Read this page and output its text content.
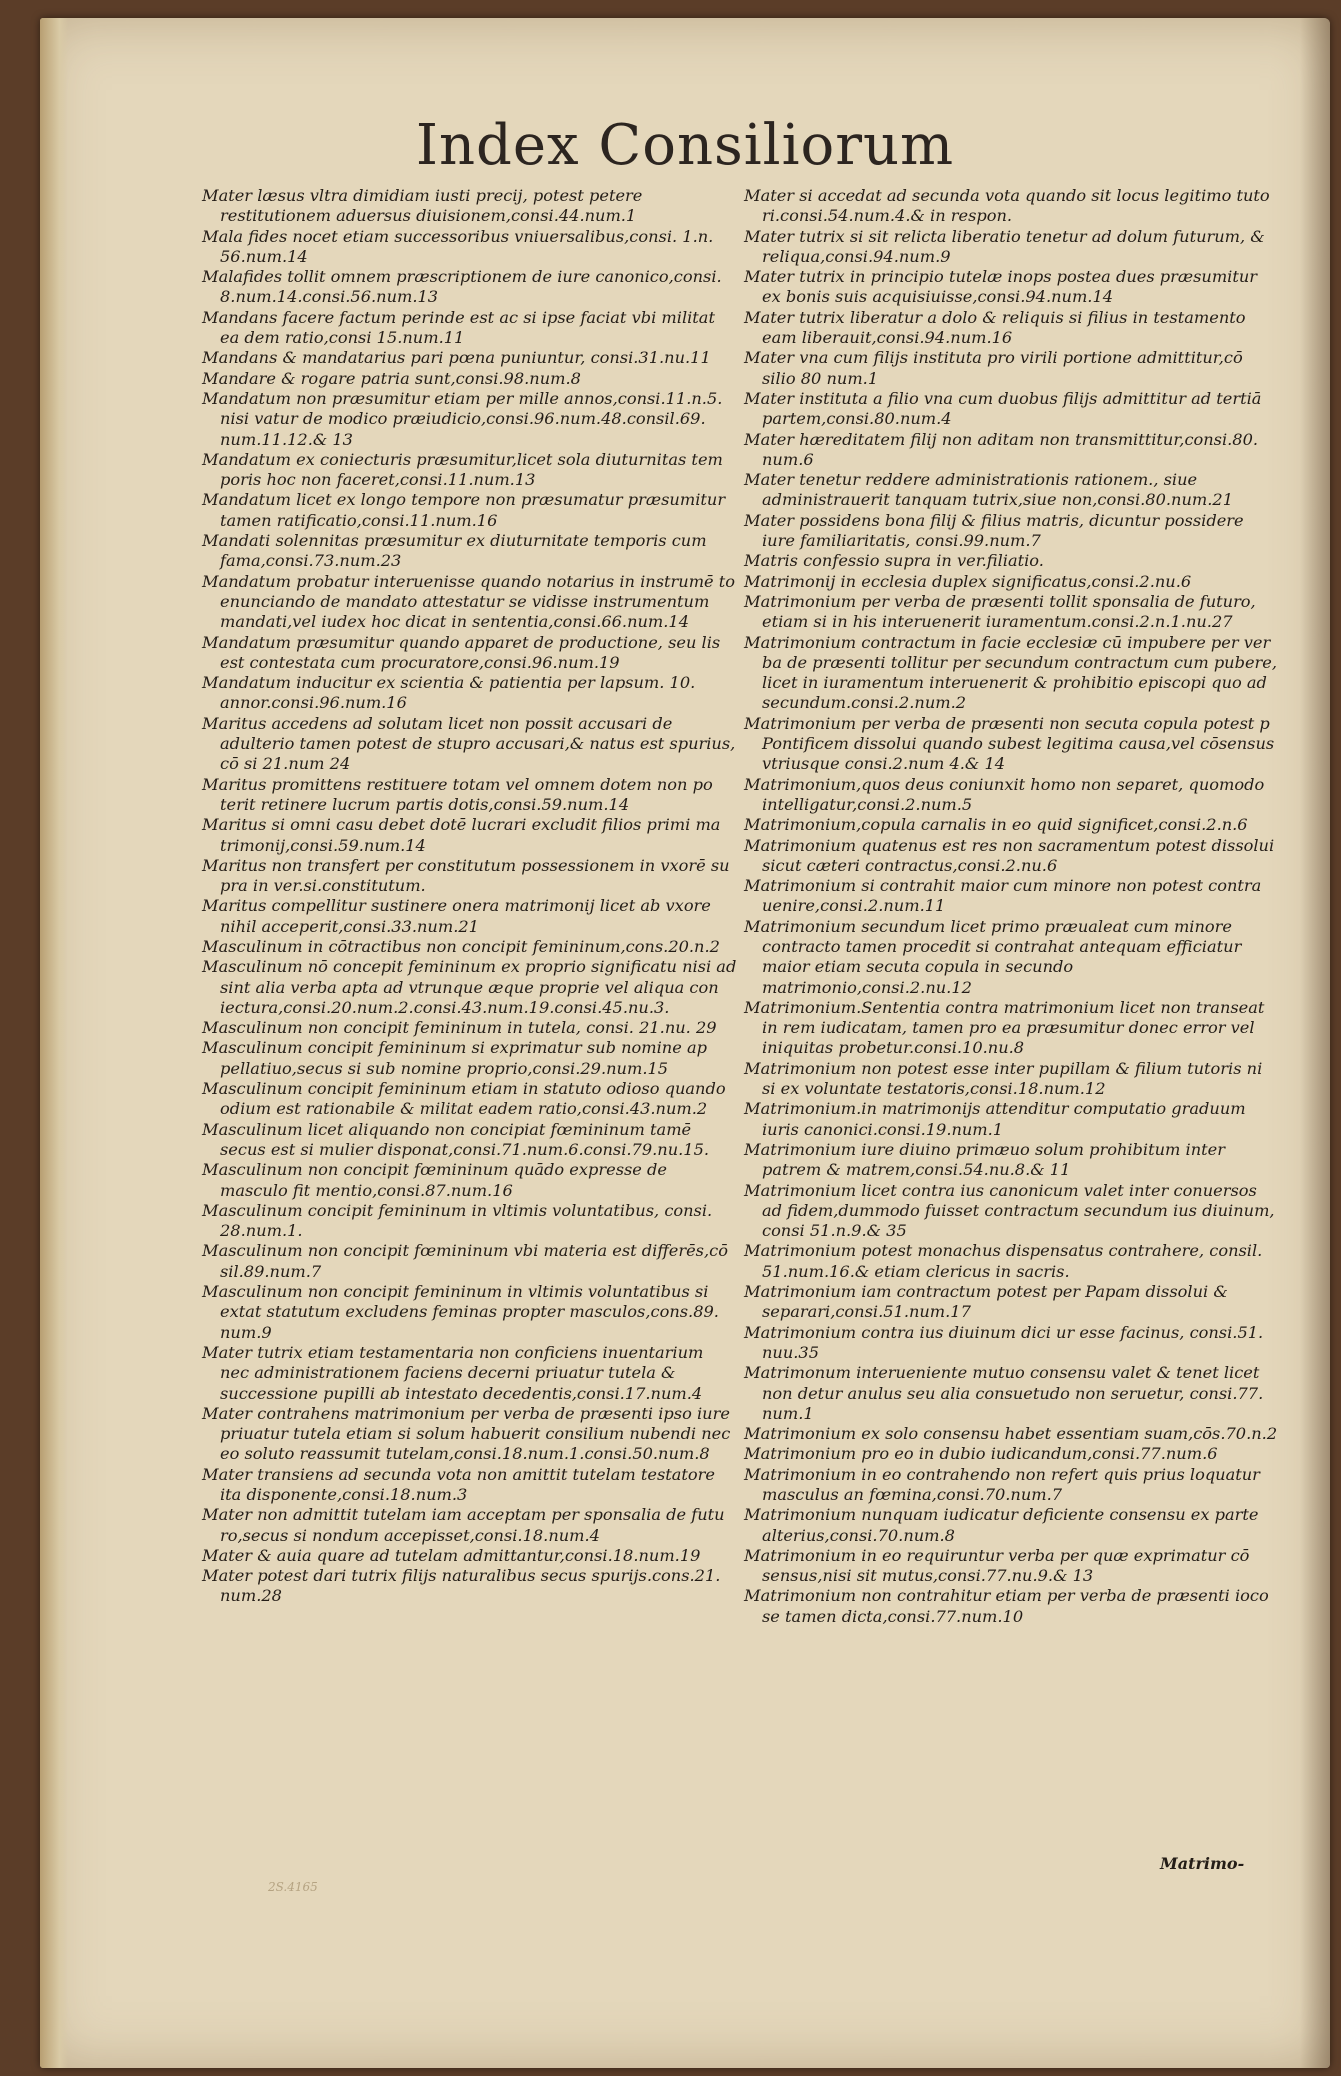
Index Consiliorum
Mater læsus vltra dimidiam iusti precij, potest petere restitutionem aduersus diuisionem,consi.44.num.1
Mala fides nocet etiam successoribus vniuersalibus,consi. 1.n. 56.num.14
Malafides tollit omnem præscriptionem de iure canonico,consi. 8.num.14.consi.56.num.13
Mandans facere factum perinde est ac si ipse faciat vbi militat ea dem ratio,consi 15.num.11
Mandans & mandatarius pari pœna puniuntur, consi.31.nu.11
Mandare & rogare patria sunt,consi.98.num.8
Mandatum non præsumitur etiam per mille annos,consi.11.n.5. nisi vatur de modico præiudicio,consi.96.num.48.consil.69. num.11.12.& 13
Mandatum ex coniecturis præsumitur,licet sola diuturnitas tem poris hoc non faceret,consi.11.num.13
Mandatum licet ex longo tempore non præsumatur præsumitur tamen ratificatio,consi.11.num.16
Mandati solennitas præsumitur ex diuturnitate temporis cum fama,consi.73.num.23
Mandatum probatur interuenisse quando notarius in instrumē to enunciando de mandato attestatur se vidisse instrumentum mandati,vel iudex hoc dicat in sententia,consi.66.num.14
Mandatum præsumitur quando apparet de productione, seu lis est contestata cum procuratore,consi.96.num.19
Mandatum inducitur ex scientia & patientia per lapsum. 10. annor.consi.96.num.16
Maritus accedens ad solutam licet non possit accusari de adulterio tamen potest de stupro accusari,& natus est spurius, cō si 21.num 24
Maritus promittens restituere totam vel omnem dotem non po terit retinere lucrum partis dotis,consi.59.num.14
Maritus si omni casu debet dotē lucrari excludit filios primi ma trimonij,consi.59.num.14
Maritus non transfert per constitutum possessionem in vxorē su pra in ver.si.constitutum.
Maritus compellitur sustinere onera matrimonij licet ab vxore nihil acceperit,consi.33.num.21
Masculinum in cōtractibus non concipit femininum,cons.20.n.2
Masculinum nō concepit femininum ex proprio significatu nisi ad sint alia verba apta ad vtrunque æque proprie vel aliqua con iectura,consi.20.num.2.consi.43.num.19.consi.45.nu.3.
Masculinum non concipit femininum in tutela, consi. 21.nu. 29
Masculinum concipit femininum si exprimatur sub nomine ap pellatiuo,secus si sub nomine proprio,consi.29.num.15
Masculinum concipit femininum etiam in statuto odioso quando odium est rationabile & militat eadem ratio,consi.43.num.2
Masculinum licet aliquando non concipiat fœmininum tamē secus est si mulier disponat,consi.71.num.6.consi.79.nu.15.
Masculinum non concipit fœmininum quādo expresse de masculo fit mentio,consi.87.num.16
Masculinum concipit femininum in vltimis voluntatibus, consi. 28.num.1.
Masculinum non concipit fœmininum vbi materia est differēs,cō sil.89.num.7
Masculinum non concipit femininum in vltimis voluntatibus si extat statutum excludens feminas propter masculos,cons.89. num.9
Mater tutrix etiam testamentaria non conficiens inuentarium nec administrationem faciens decerni priuatur tutela & successione pupilli ab intestato decedentis,consi.17.num.4
Mater contrahens matrimonium per verba de præsenti ipso iure priuatur tutela etiam si solum habuerit consilium nubendi nec eo soluto reassumit tutelam,consi.18.num.1.consi.50.num.8
Mater transiens ad secunda vota non amittit tutelam testatore ita disponente,consi.18.num.3
Mater non admittit tutelam iam acceptam per sponsalia de futu ro,secus si nondum accepisset,consi.18.num.4
Mater & auia quare ad tutelam admittantur,consi.18.num.19
Mater potest dari tutrix filijs naturalibus secus spurijs.cons.21. num.28
Mater si accedat ad secunda vota quando sit locus legitimo tuto ri.consi.54.num.4.& in respon.
Mater tutrix si sit relicta liberatio tenetur ad dolum futurum, & reliqua,consi.94.num.9
Mater tutrix in principio tutelæ inops postea dues præsumitur ex bonis suis acquisiuisse,consi.94.num.14
Mater tutrix liberatur a dolo & reliquis si filius in testamento eam liberauit,consi.94.num.16
Mater vna cum filijs instituta pro virili portione admittitur,cō silio 80 num.1
Mater instituta a filio vna cum duobus filijs admittitur ad tertiā partem,consi.80.num.4
Mater hæreditatem filij non aditam non transmittitur,consi.80. num.6
Mater tenetur reddere administrationis rationem., siue administrauerit tanquam tutrix,siue non,consi.80.num.21
Mater possidens bona filij & filius matris, dicuntur possidere iure familiaritatis, consi.99.num.7
Matris confessio supra in ver.filiatio.
Matrimonij in ecclesia duplex significatus,consi.2.nu.6
Matrimonium per verba de præsenti tollit sponsalia de futuro, etiam si in his interuenerit iuramentum.consi.2.n.1.nu.27
Matrimonium contractum in facie ecclesiæ cū impubere per ver ba de præsenti tollitur per secundum contractum cum pubere, licet in iuramentum interuenerit & prohibitio episcopi quo ad secundum.consi.2.num.2
Matrimonium per verba de præsenti non secuta copula potest p Pontificem dissolui quando subest legitima causa,vel cōsensus vtriusque consi.2.num 4.& 14
Matrimonium,quos deus coniunxit homo non separet, quomodo intelligatur,consi.2.num.5
Matrimonium,copula carnalis in eo quid significet,consi.2.n.6
Matrimonium quatenus est res non sacramentum potest dissolui sicut cæteri contractus,consi.2.nu.6
Matrimonium si contrahit maior cum minore non potest contra uenire,consi.2.num.11
Matrimonium secundum licet primo præualeat cum minore contracto tamen procedit si contrahat antequam efficiatur maior etiam secuta copula in secundo matrimonio,consi.2.nu.12
Matrimonium.Sententia contra matrimonium licet non transeat in rem iudicatam, tamen pro ea præsumitur donec error vel iniquitas probetur.consi.10.nu.8
Matrimonium non potest esse inter pupillam & filium tutoris ni si ex voluntate testatoris,consi.18.num.12
Matrimonium.in matrimonijs attenditur computatio graduum iuris canonici.consi.19.num.1
Matrimonium iure diuino primæuo solum prohibitum inter patrem & matrem,consi.54.nu.8.& 11
Matrimonium licet contra ius canonicum valet inter conuersos ad fidem,dummodo fuisset contractum secundum ius diuinum, consi 51.n.9.& 35
Matrimonium potest monachus dispensatus contrahere, consil. 51.num.16.& etiam clericus in sacris.
Matrimonium iam contractum potest per Papam dissolui & separari,consi.51.num.17
Matrimonium contra ius diuinum dici ur esse facinus, consi.51. nuu.35
Matrimonum interueniente mutuo consensu valet & tenet licet non detur anulus seu alia consuetudo non seruetur, consi.77. num.1
Matrimonium ex solo consensu habet essentiam suam,cōs.70.n.2
Matrimonium pro eo in dubio iudicandum,consi.77.num.6
Matrimonium in eo contrahendo non refert quis prius loquatur masculus an fœmina,consi.70.num.7
Matrimonium nunquam iudicatur deficiente consensu ex parte alterius,consi.70.num.8
Matrimonium in eo requiruntur verba per quæ exprimatur cō sensus,nisi sit mutus,consi.77.nu.9.& 13
Matrimonium non contrahitur etiam per verba de præsenti ioco se tamen dicta,consi.77.num.10
Matrimo-
2S.4165
